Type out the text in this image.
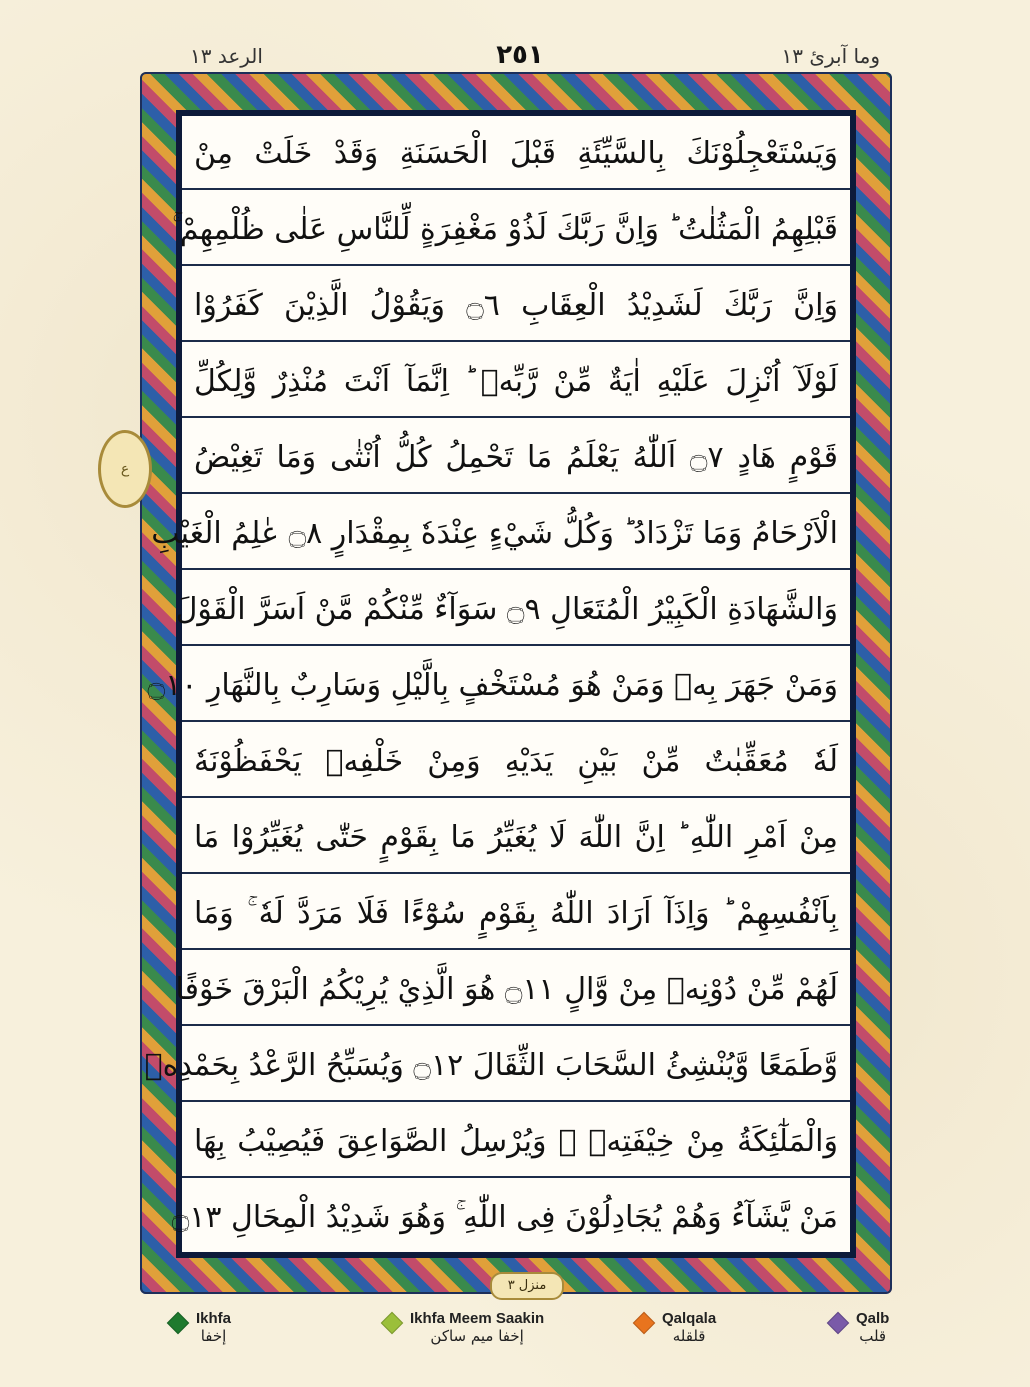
الرعد ١٣	٢٥١	وما آبرئ ١٣
وَيَسْتَعْجِلُوْنَكَ بِالسَّيِّئَةِ قَبْلَ الْحَسَنَةِ وَقَدْ خَلَتْ مِنْ
قَبْلِهِمُ الْمَثُلٰتُ ؕ وَاِنَّ رَبَّكَ لَذُوْ مَغْفِرَةٍ لِّلنَّاسِ عَلٰى ظُلْمِهِمْ ۚ
وَاِنَّ رَبَّكَ لَشَدِيْدُ الْعِقَابِ ۝٦ وَيَقُوْلُ الَّذِيْنَ كَفَرُوْا
لَوْلَآ اُنْزِلَ عَلَيْهِ اٰيَةٌ مِّنْ رَّبِّهٖ ؕ اِنَّمَآ اَنْتَ مُنْذِرٌ وَّلِكُلِّ
قَوْمٍ هَادٍ ۝٧ اَللّٰهُ يَعْلَمُ مَا تَحْمِلُ كُلُّ اُنْثٰى وَمَا تَغِيْضُ
الْاَرْحَامُ وَمَا تَزْدَادُ ؕ وَكُلُّ شَيْءٍ عِنْدَهٗ بِمِقْدَارٍ ۝٨ عٰلِمُ الْغَيْبِ
وَالشَّهَادَةِ الْكَبِيْرُ الْمُتَعَالِ ۝٩ سَوَآءٌ مِّنْكُمْ مَّنْ اَسَرَّ الْقَوْلَ
وَمَنْ جَهَرَ بِهٖ وَمَنْ هُوَ مُسْتَخْفٍ بِالَّيْلِ وَسَارِبٌ بِالنَّهَارِ ۝١٠
لَهٗ مُعَقِّبٰتٌ مِّنْ بَيْنِ يَدَيْهِ وَمِنْ خَلْفِهٖ يَحْفَظُوْنَهٗ
مِنْ اَمْرِ اللّٰهِ ؕ اِنَّ اللّٰهَ لَا يُغَيِّرُ مَا بِقَوْمٍ حَتّٰى يُغَيِّرُوْا مَا
بِاَنْفُسِهِمْ ؕ وَاِذَآ اَرَادَ اللّٰهُ بِقَوْمٍ سُوْٓءًا فَلَا مَرَدَّ لَهٗ ۚ وَمَا
لَهُمْ مِّنْ دُوْنِهٖ مِنْ وَّالٍ ۝١١ هُوَ الَّذِيْ يُرِيْكُمُ الْبَرْقَ خَوْفًا
وَّطَمَعًا وَّيُنْشِئُ السَّحَابَ الثِّقَالَ ۝١٢ وَيُسَبِّحُ الرَّعْدُ بِحَمْدِهٖ
وَالْمَلٰٓئِكَةُ مِنْ خِيْفَتِهٖ ۚ وَيُرْسِلُ الصَّوَاعِقَ فَيُصِيْبُ بِهَا
مَنْ يَّشَآءُ وَهُمْ يُجَادِلُوْنَ فِى اللّٰهِ ۚ وَهُوَ شَدِيْدُ الْمِحَالِ ۝١٣
ع
منزل ٣
Ikhfa
إخفا
Ikhfa Meem Saakin
إخفا ميم ساكن
Qalqala
قلقله
Qalb
قلب
